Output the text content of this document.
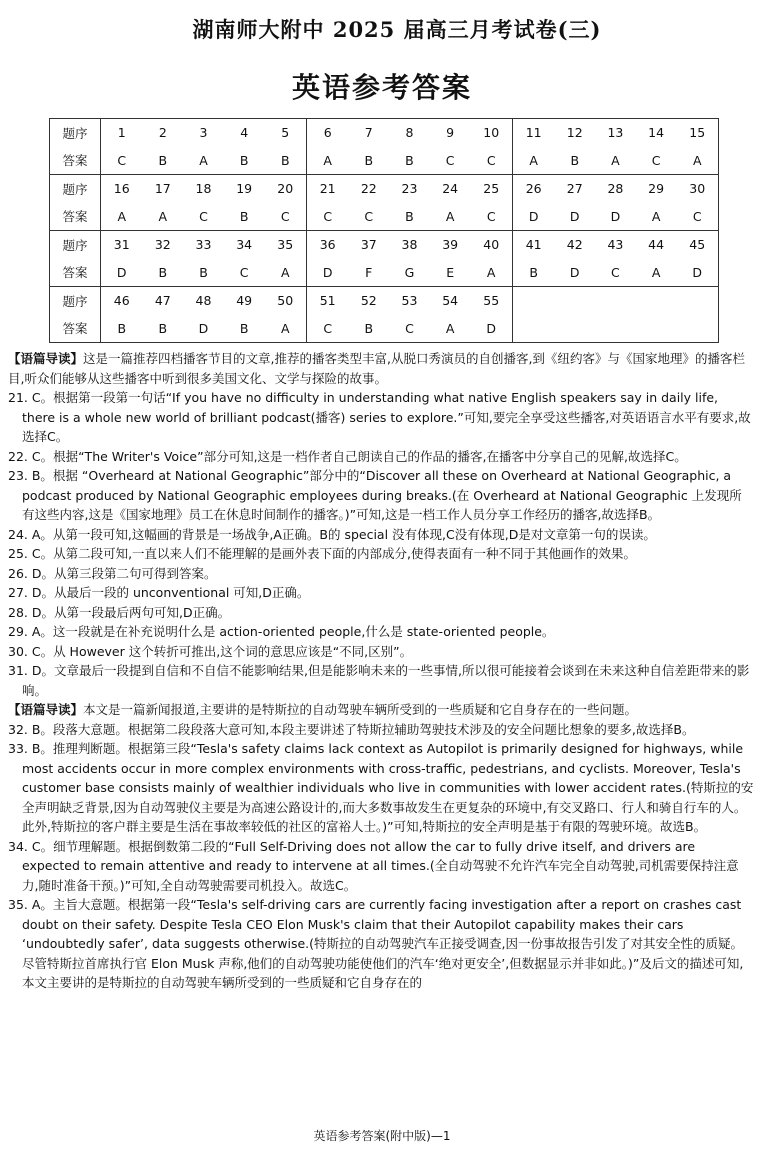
湖南师大附中 2025 届高三月考试卷(三)
英语参考答案
题序	1	2	3	4	5	6	7	8	9	10	11	12	13	14	15
答案	C	B	A	B	B	A	B	B	C	C	A	B	A	C	A
题序	16	17	18	19	20	21	22	23	24	25	26	27	28	29	30
答案	A	A	C	B	C	C	C	B	A	C	D	D	D	A	C
题序	31	32	33	34	35	36	37	38	39	40	41	42	43	44	45
答案	D	B	B	C	A	D	F	G	E	A	B	D	C	A	D
题序	46	47	48	49	50	51	52	53	54	55					
答案	B	B	D	B	A	C	B	C	A	D					

【语篇导读】这是一篇推荐四档播客节目的文章,推荐的播客类型丰富,从脱口秀演员的自创播客,到《纽约客》与《国家地理》的播客栏目,听众们能够从这些播客中听到很多美国文化、文学与探险的故事。

21. C。根据第一段第一句话“If you have no difficulty in understanding what native English speakers say in daily life, there is a whole new world of brilliant podcast(播客) series to explore.”可知,要完全享受这些播客,对英语语言水平有要求,故选择C。

22. C。根据“The Writer's Voice”部分可知,这是一档作者自己朗读自己的作品的播客,在播客中分享自己的见解,故选择C。

23. B。根据 “Overheard at National Geographic”部分中的“Discover all these on Overheard at National Geographic, a podcast produced by National Geographic employees during breaks.(在 Overheard at National Geographic 上发现所有这些内容,这是《国家地理》员工在休息时间制作的播客。)”可知,这是一档工作人员分享工作经历的播客,故选择B。

24. A。从第一段可知,这幅画的背景是一场战争,A正确。B的 special 没有体现,C没有体现,D是对文章第一句的误读。

25. C。从第二段可知,一直以来人们不能理解的是画外表下面的内部成分,使得表面有一种不同于其他画作的效果。

26. D。从第三段第二句可得到答案。

27. D。从最后一段的 unconventional 可知,D正确。

28. D。从第一段最后两句可知,D正确。

29. A。这一段就是在补充说明什么是 action-oriented people,什么是 state-oriented people。

30. C。从 However 这个转折可推出,这个词的意思应该是“不同,区别”。

31. D。文章最后一段提到自信和不自信不能影响结果,但是能影响未来的一些事情,所以很可能接着会谈到在未来这种自信差距带来的影响。

【语篇导读】本文是一篇新闻报道,主要讲的是特斯拉的自动驾驶车辆所受到的一些质疑和它自身存在的一些问题。

32. B。段落大意题。根据第二段段落大意可知,本段主要讲述了特斯拉辅助驾驶技术涉及的安全问题比想象的要多,故选择B。

33. B。推理判断题。根据第三段“Tesla's safety claims lack context as Autopilot is primarily designed for highways, while most accidents occur in more complex environments with cross-traffic, pedestrians, and cyclists. Moreover, Tesla's customer base consists mainly of wealthier individuals who live in communities with lower accident rates.(特斯拉的安全声明缺乏背景,因为自动驾驶仪主要是为高速公路设计的,而大多数事故发生在更复杂的环境中,有交叉路口、行人和骑自行车的人。此外,特斯拉的客户群主要是生活在事故率较低的社区的富裕人士。)”可知,特斯拉的安全声明是基于有限的驾驶环境。故选B。

34. C。细节理解题。根据倒数第二段的“Full Self-Driving does not allow the car to fully drive itself, and drivers are expected to remain attentive and ready to intervene at all times.(全自动驾驶不允许汽车完全自动驾驶,司机需要保持注意力,随时准备干预。)”可知,全自动驾驶需要司机投入。故选C。

35. A。主旨大意题。根据第一段“Tesla's self-driving cars are currently facing investigation after a report on crashes cast doubt on their safety. Despite Tesla CEO Elon Musk's claim that their Autopilot capability makes their cars ‘undoubtedly safer’, data suggests otherwise.(特斯拉的自动驾驶汽车正接受调查,因一份事故报告引发了对其安全性的质疑。尽管特斯拉首席执行官 Elon Musk 声称,他们的自动驾驶功能使他们的汽车‘绝对更安全’,但数据显示并非如此。)”及后文的描述可知,本文主要讲的是特斯拉的自动驾驶车辆所受到的一些质疑和它自身存在的

英语参考答案(附中版)—1
